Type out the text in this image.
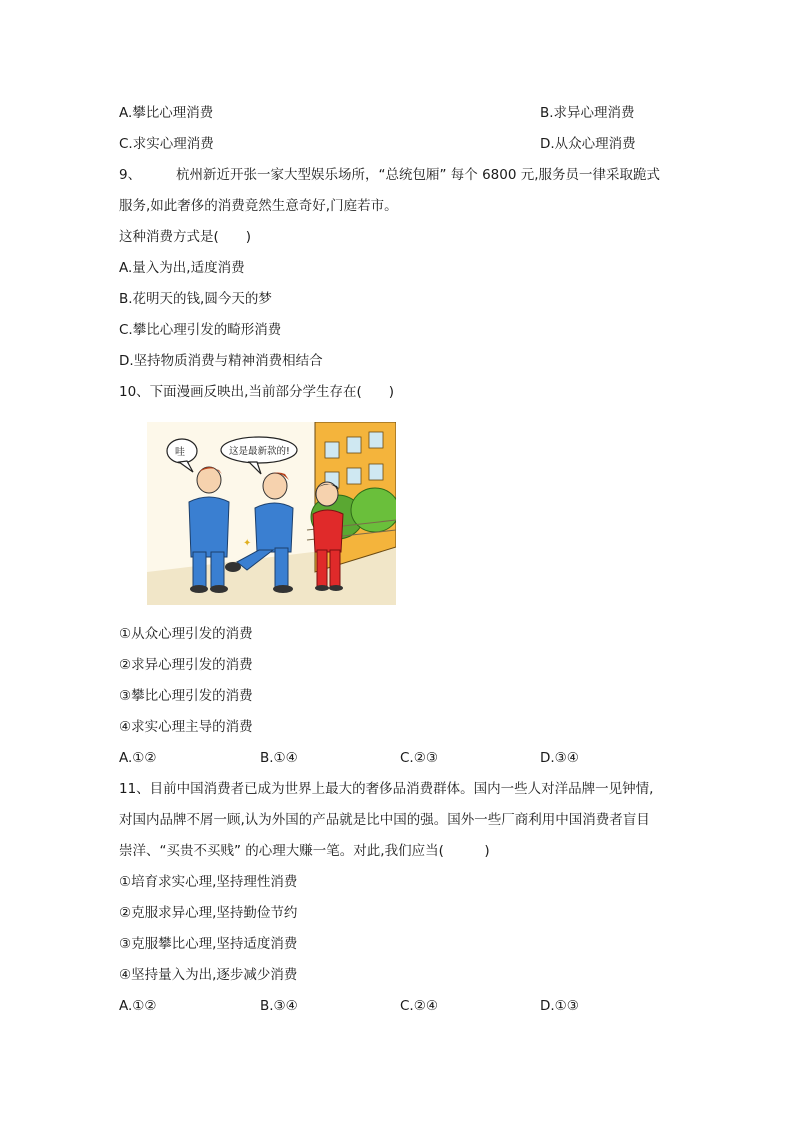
A.攀比心理消费	B.求异心理消费
C.求实心理消费	D.从众心理消费
9、	杭州新近开张一家大型娱乐场所，“总统包厢” 每个 6800 元,服务员一律采取跪式
服务,如此奢侈的消费竟然生意奇好,门庭若市。
这种消费方式是(　　)
A.量入为出,适度消费
B.花明天的钱,圆今天的梦
C.攀比心理引发的畸形消费
D.坚持物质消费与精神消费相结合
10、下面漫画反映出,当前部分学生存在(　　)
✦
哇	这是最新款的!
①从众心理引发的消费
②求异心理引发的消费
③攀比心理引发的消费
④求实心理主导的消费
A.①②	B.①④	C.②③	D.③④
11、目前中国消费者已成为世界上最大的奢侈品消费群体。国内一些人对洋品牌一见钟情,
对国内品牌不屑一顾,认为外国的产品就是比中国的强。国外一些厂商利用中国消费者盲目
崇洋、“买贵不买贱” 的心理大赚一笔。对此,我们应当(　　　)
①培育求实心理,坚持理性消费
②克服求异心理,坚持勤俭节约
③克服攀比心理,坚持适度消费
④坚持量入为出,逐步减少消费
A.①②	B.③④	C.②④	D.①③
